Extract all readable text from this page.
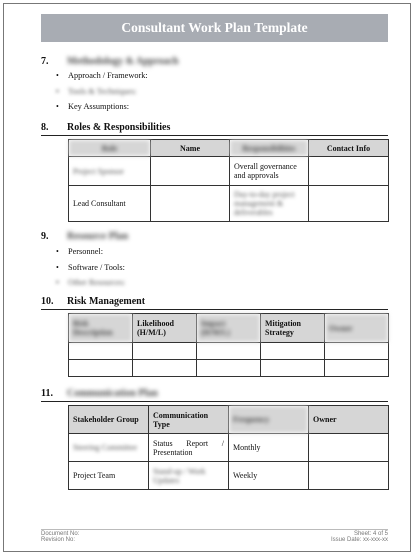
Consultant Work Plan Template
7. Methodology & Approach
• Approach / Framework:
• Tools & Techniques:
• Key Assumptions:
8. Roles & Responsibilities
Role	Name	Responsibilities	Contact Info
Project Sponsor		Overall governance and approvals	
Lead Consultant		Day-to-day project management & deliverables	
9. Resource Plan
• Personnel:
• Software / Tools:
• Other Resources:
10. Risk Management
Risk Description	Likelihood (H/M/L)	Impact (H/M/L)	Mitigation Strategy	Owner

11. Communication Plan
Stakeholder Group	Communication Type	Frequency	Owner
Steering Committee	Status Report / Presentation	Monthly	
Project Team	Stand-up / Work Updates	Weekly	
Document No:
Revision No:
Sheet: 4 of 5
Issue Date: xx-xxx-xx
